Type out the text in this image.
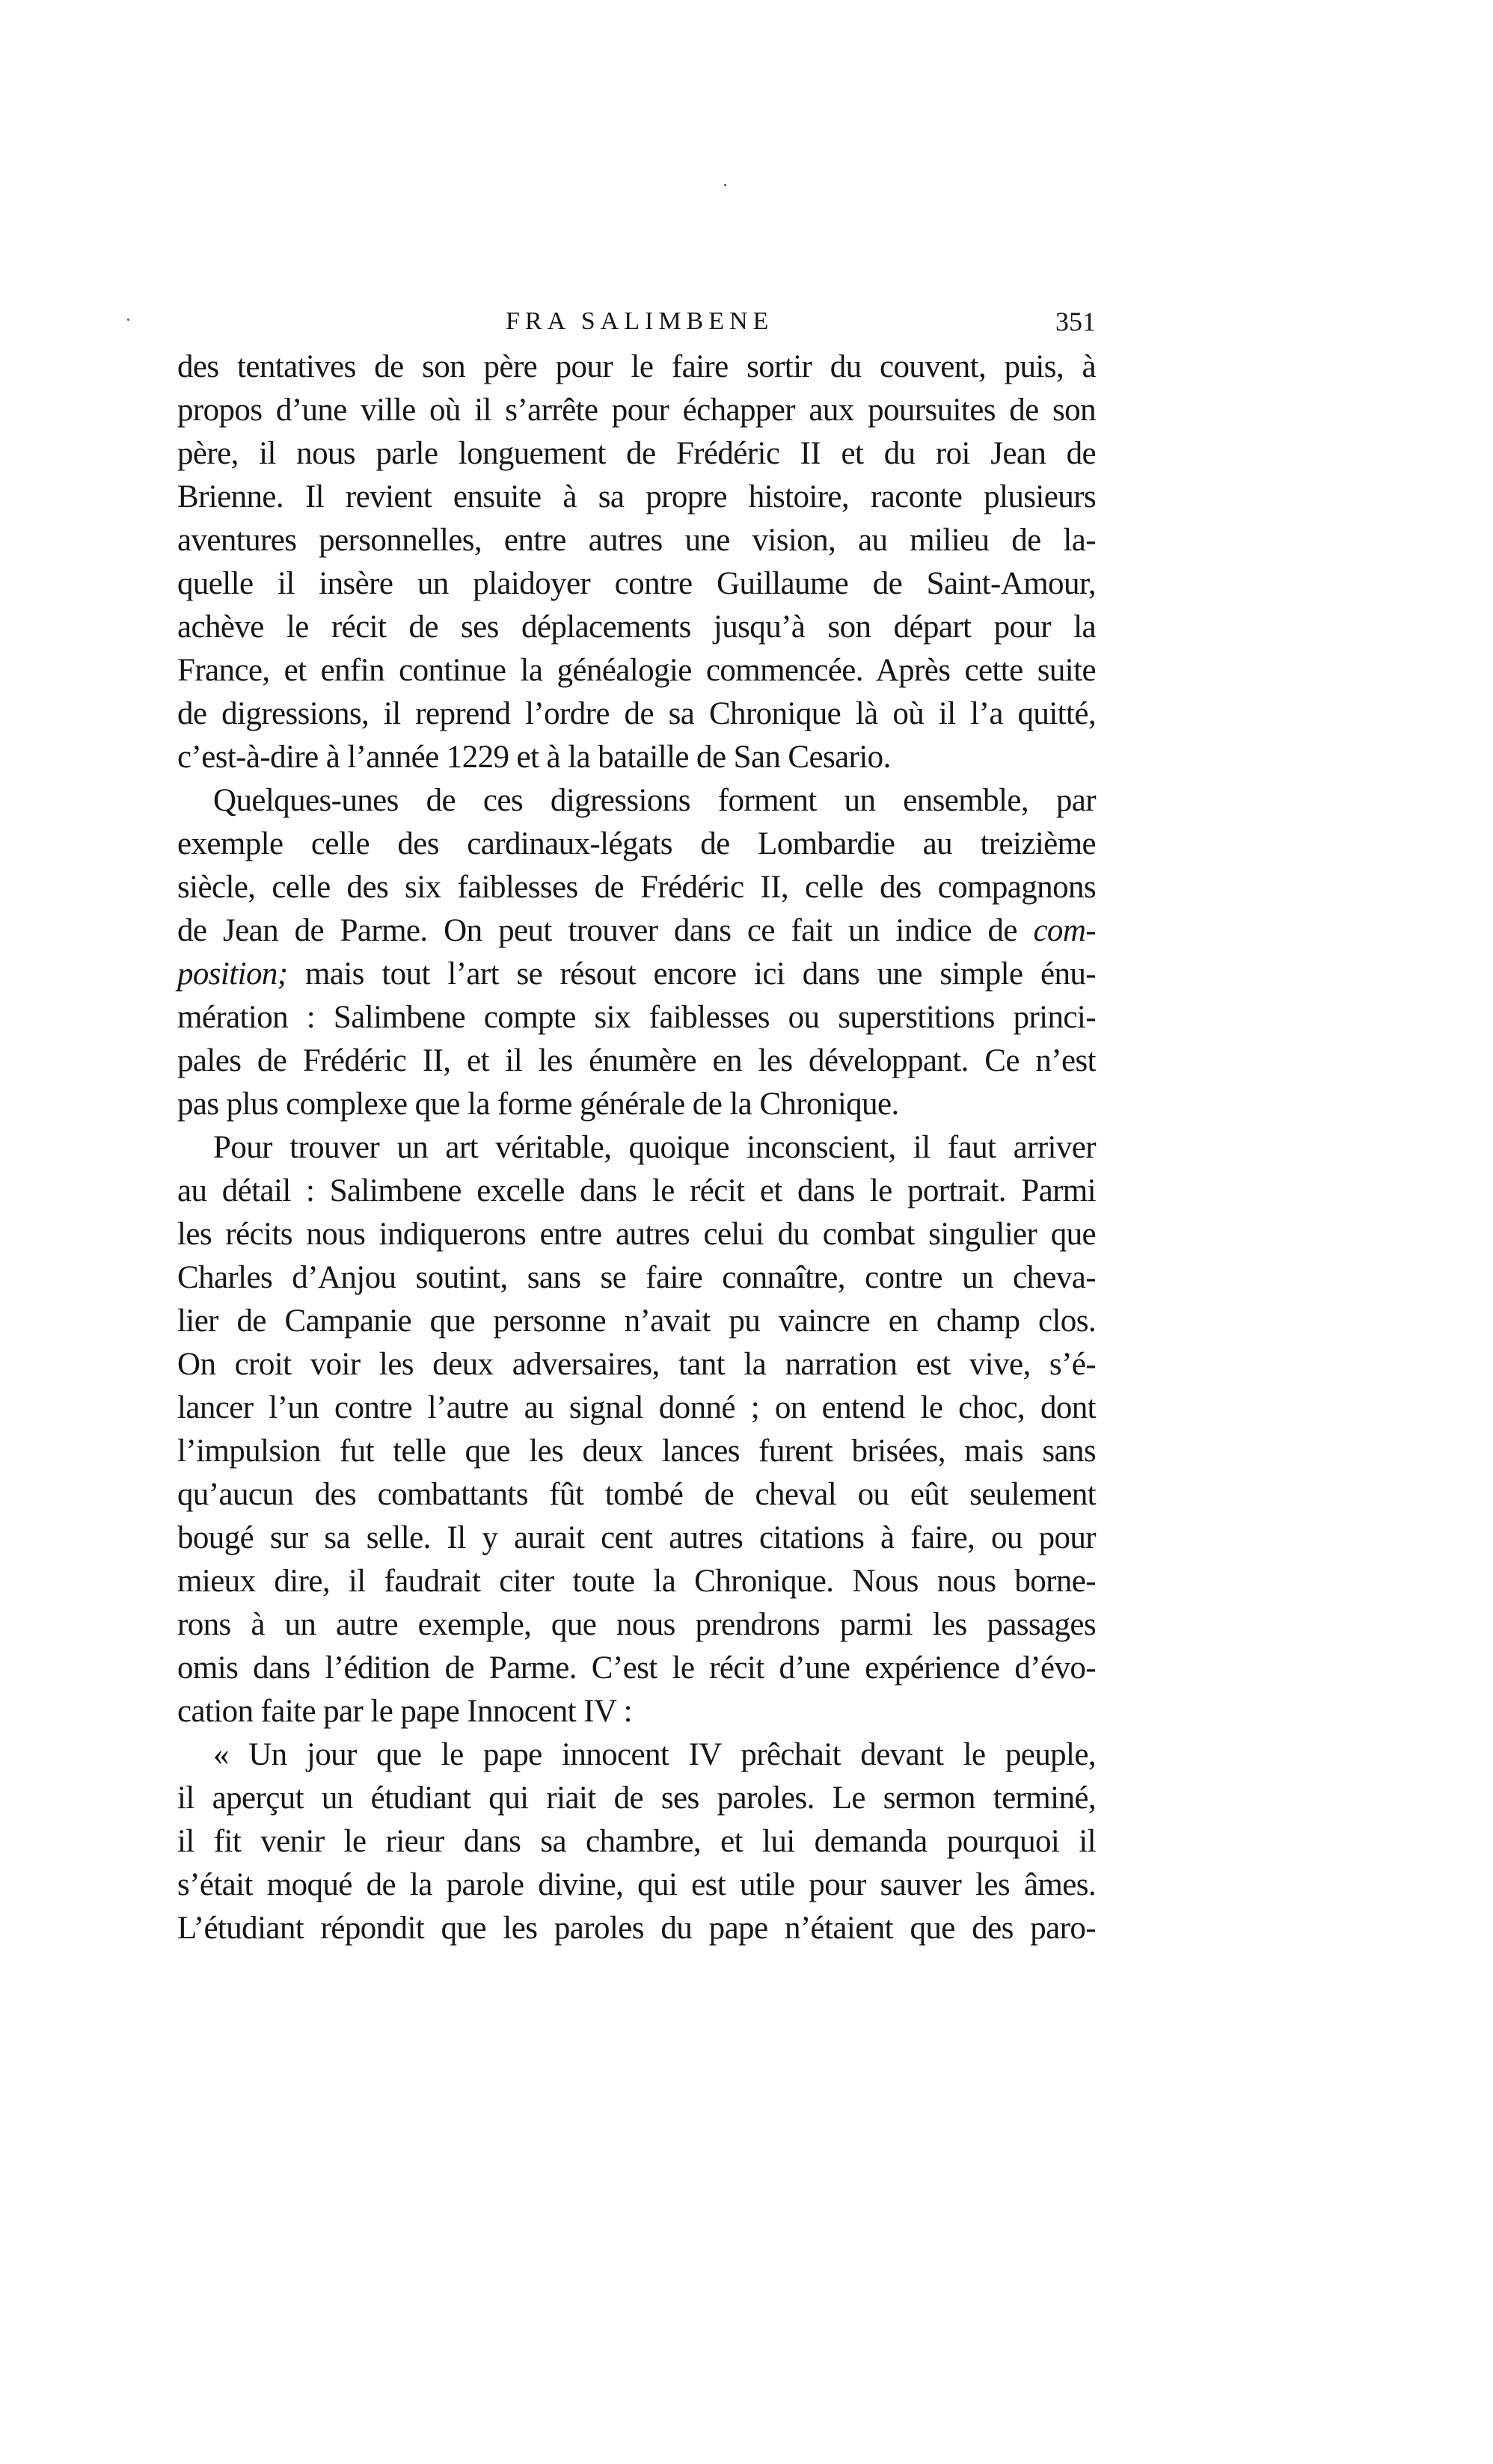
FRA SALIMBENE	351
des tentatives de son père pour le faire sortir du couvent, puis, à
propos d’une ville où il s’arrête pour échapper aux poursuites de son
père, il nous parle longuement de Frédéric II et du roi Jean de
Brienne. Il revient ensuite à sa propre histoire, raconte plusieurs
aventures personnelles, entre autres une vision, au milieu de la-
quelle il insère un plaidoyer contre Guillaume de Saint-Amour,
achève le récit de ses déplacements jusqu’à son départ pour la
France, et enfin continue la généalogie commencée. Après cette suite
de digressions, il reprend l’ordre de sa Chronique là où il l’a quitté,
c’est-à-dire à l’année 1229 et à la bataille de San Cesario.
Quelques-unes de ces digressions forment un ensemble, par
exemple celle des cardinaux-légats de Lombardie au treizième
siècle, celle des six faiblesses de Frédéric II, celle des compagnons
de Jean de Parme. On peut trouver dans ce fait un indice de com-
position; mais tout l’art se résout encore ici dans une simple énu-
mération : Salimbene compte six faiblesses ou superstitions princi-
pales de Frédéric II, et il les énumère en les développant. Ce n’est
pas plus complexe que la forme générale de la Chronique.
Pour trouver un art véritable, quoique inconscient, il faut arriver
au détail : Salimbene excelle dans le récit et dans le portrait. Parmi
les récits nous indiquerons entre autres celui du combat singulier que
Charles d’Anjou soutint, sans se faire connaître, contre un cheva-
lier de Campanie que personne n’avait pu vaincre en champ clos.
On croit voir les deux adversaires, tant la narration est vive, s’é-
lancer l’un contre l’autre au signal donné ; on entend le choc, dont
l’impulsion fut telle que les deux lances furent brisées, mais sans
qu’aucun des combattants fût tombé de cheval ou eût seulement
bougé sur sa selle. Il y aurait cent autres citations à faire, ou pour
mieux dire, il faudrait citer toute la Chronique. Nous nous borne-
rons à un autre exemple, que nous prendrons parmi les passages
omis dans l’édition de Parme. C’est le récit d’une expérience d’évo-
cation faite par le pape Innocent IV :
« Un jour que le pape innocent IV prêchait devant le peuple,
il aperçut un étudiant qui riait de ses paroles. Le sermon terminé,
il fit venir le rieur dans sa chambre, et lui demanda pourquoi il
s’était moqué de la parole divine, qui est utile pour sauver les âmes.
L’étudiant répondit que les paroles du pape n’étaient que des paro-
